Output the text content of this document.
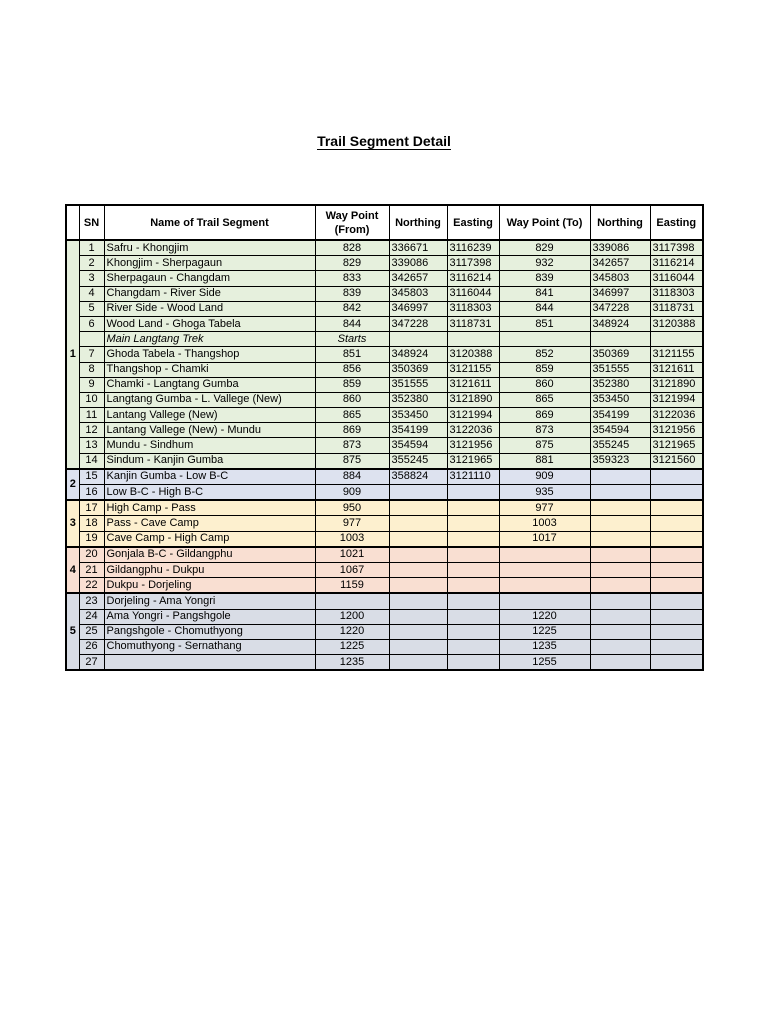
Trail Segment Detail
	SN	Name of Trail Segment	Way Point (From)	Northing	Easting	Way Point (To)	Northing	Easting
1	1	Safru - Khongjim	828	336671	3116239	829	339086	3117398
	2	Khongjim - Sherpagaun	829	339086	3117398	932	342657	3116214
	3	Sherpagaun - Changdam	833	342657	3116214	839	345803	3116044
	4	Changdam - River Side	839	345803	3116044	841	346997	3118303
	5	River Side - Wood Land	842	346997	3118303	844	347228	3118731
	6	Wood Land - Ghoga Tabela	844	347228	3118731	851	348924	3120388
		Main Langtang Trek	Starts					
	7	Ghoda Tabela - Thangshop	851	348924	3120388	852	350369	3121155
	8	Thangshop - Chamki	856	350369	3121155	859	351555	3121611
	9	Chamki - Langtang Gumba	859	351555	3121611	860	352380	3121890
	10	Langtang Gumba - L. Vallege (New)	860	352380	3121890	865	353450	3121994
	11	Lantang Vallege (New)	865	353450	3121994	869	354199	3122036
	12	Lantang Vallege (New) - Mundu	869	354199	3122036	873	354594	3121956
	13	Mundu - Sindhum	873	354594	3121956	875	355245	3121965
	14	Sindum - Kanjin Gumba	875	355245	3121965	881	359323	3121560
2	15	Kanjin Gumba - Low B-C	884	358824	3121110	909		
	16	Low B-C - High B-C	909			935		
3	17	High Camp - Pass	950			977		
	18	Pass - Cave Camp	977			1003		
	19	Cave Camp - High Camp	1003			1017		
4	20	Gonjala B-C - Gildangphu	1021					
	21	Gildangphu - Dukpu	1067					
	22	Dukpu - Dorjeling	1159					
5	23	Dorjeling - Ama Yongri						
	24	Ama Yongri - Pangshgole	1200			1220		
	25	Pangshgole - Chomuthyong	1220			1225		
	26	Chomuthyong - Sernathang	1225			1235		
	27		1235			1255		
